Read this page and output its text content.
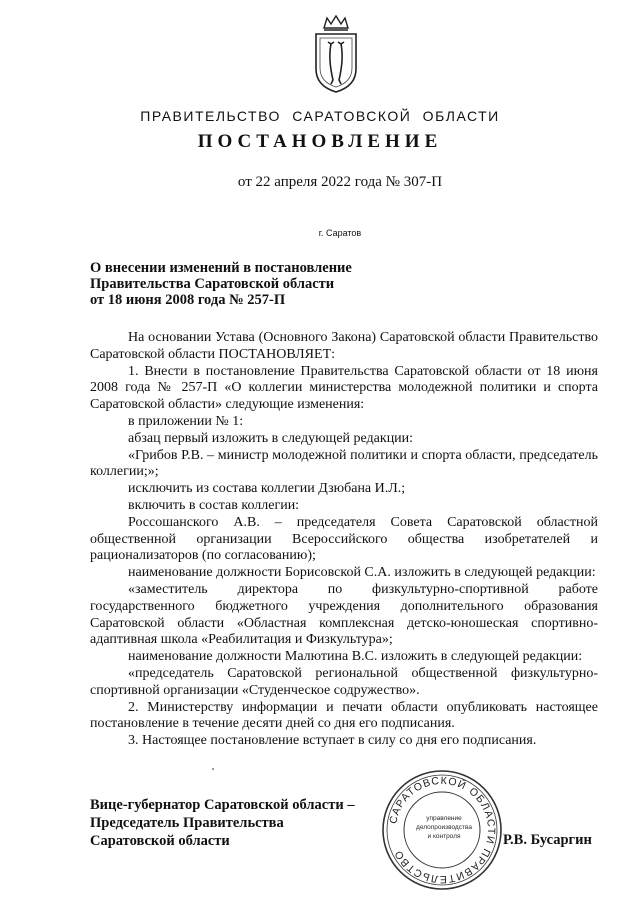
ПРАВИТЕЛЬСТВО САРАТОВСКОЙ ОБЛАСТИ
ПОСТАНОВЛЕНИЕ
от 22 апреля 2022 года № 307-П
г. Саратов
О внесении изменений в постановление
Правительства Саратовской области
от 18 июня 2008 года № 257-П

На основании Устава (Основного Закона) Саратовской области Правительство Саратовской области ПОСТАНОВЛЯЕТ:

1. Внести в постановление Правительства Саратовской области от 18 июня 2008 года № 257-П «О коллегии министерства молодежной политики и спорта Саратовской области» следующие изменения:

в приложении № 1:

абзац первый изложить в следующей редакции:

«Грибов Р.В. – министр молодежной политики и спорта области, председатель коллегии;»;

исключить из состава коллегии Дзюбана И.Л.;

включить в состав коллегии:

Россошанского А.В. – председателя Совета Саратовской областной общественной организации Всероссийского общества изобретателей и рационализаторов (по согласованию);

наименование должности Борисовской С.А. изложить в следующей редакции:

«заместитель директора по физкультурно-спортивной работе государственного бюджетного учреждения дополнительного образования Саратовской области «Областная комплексная детско-юношеская спортивно-адаптивная школа «Реабилитация и Физкультура»;

наименование должности Малютина В.С. изложить в следующей редакции:

«председатель Саратовской региональной общественной физкультурно-спортивной организации «Студенческое содружество».

2. Министерству информации и печати области опубликовать настоящее постановление в течение десяти дней со дня его подписания.

3. Настоящее постановление вступает в силу со дня его подписания.

Вице-губернатор Саратовской области –
Председатель Правительства
Саратовской области
САРАТОВСКОЙ ОБЛАСТИ ПРАВИТЕЛЬСТВО
управление
делопроизводства
и контроля	Р.В. Бусаргин
